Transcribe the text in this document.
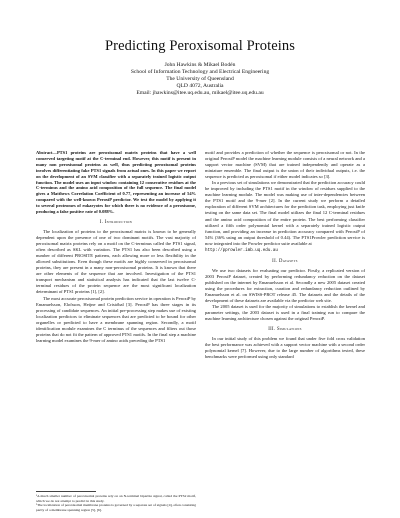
Predicting Peroxisomal Proteins
John Hawkins & Mikael Bodén
School of Information Technology and Electrical Engineering
The University of Queensland
QLD 4072, Australia
Email: jhawkins@itee.uq.edu.au, mikael@itee.uq.edu.au
Abstract—PTS1 proteins are peroxisomal matrix proteins that have a well conserved targeting motif at the C-terminal end. However, this motif is present in many non peroxisomal proteins as well, thus predicting peroxisomal proteins involves differentiating fake PTS1 signals from actual ones. In this paper we report on the development of an SVM classifier with a separately trained logistic output function. The model uses an input window containing 12 consecutive residues at the C-terminus and the amino acid composition of the full sequence. The final model gives a Matthews Correlation Coefficient of 0.77, representing an increase of 54% compared with the well-known PeroxiP predictor. We test the model by applying it to several proteomes of eukaryotes for which there is no evidence of a peroxisome, producing a false positive rate of 0.088%.
I. Introduction

The localization of proteins to the peroxisomal matrix is known to be generally dependent upon the presence of one of two dominant motifs. The vast majority of peroxisomal matrix proteins rely on a motif on the C-terminus called the PTS1 signal, often described as SKL with variation. The PTS1 has also been described using a number of different PROSITE patterns, each allowing more or less flexibility in the allowed substitutions. Even though these motifs are highly conserved in peroxisomal proteins, they are present in a many non-peroxisomal proteins. It is known that there are other elements of the sequence that are involved. Investigation of the PTS1 transport mechanism and statistical analysis has indicated that the last twelve C-terminal residues of the protein sequence are the most significant localization determinant of PTS1 proteins [1], [2].

The most accurate peroxisomal protein prediction service in operation is PeroxiP by Emanuelsson, Elofsson, Heijne and Cristóbal [3]. PeroxiP has three stages in its processing of candidate sequences. An initial pre-processing step makes use of existing localization predictors to eliminate sequences that are predicted to be bound for other organelles or predicted to have a membrane spanning region. Secondly, a motif identification module examines the C terminus of the sequences and filters out those proteins that do not fit the pattern of approved PTS1 motifs. In the final step a machine learning model examines the 9-mer of amino acids preceding the PTS1

motif and provides a prediction of whether the sequence is peroxisomal or not. In the original PeroxiP model the machine learning module consists of a neural network and a support vector machine (SVM) that are trained independently and operate as a miniature ensemble. The final output is the union of their individual outputs, i.e. the sequence is predicted as peroxisomal if either model indicates so [3].

In a previous set of simulations we demonstrated that the prediction accuracy could be improved by including the PTS1 motif in the window of residues supplied to the machine learning module. The model was making use of inter-dependencies between the PTS1 motif and the 9-mer [2]. In the current study we perform a detailed exploration of different SVM architectures for the prediction task, employing just knife testing on the same data set. The final model utilizes the final 12 C-terminal residues and the amino acid composition of the entire protein. The best performing classifier utilized a fifth order polynomial kernel with a separately trained logistic output function, and providing an increase in prediction accuracy compared with PeroxiP of 54% (36% using an output threshold of 0.44). The PTS1Prowler prediction service is now integrated into the Prowler predictor suite available at

http://pprowler.imb.uq.edu.au
II. Datasets

We use two datasets for evaluating our predictor. Firstly, a replicated version of 2003 PeroxiP dataset, created by performing redundancy reduction on the dataset published on the internet by Emanuelsson et al. Secondly a new 2005 dataset created using the procedures for extraction, curation and redundancy reduction outlined by Emanuelsson et al. on SWISS-PROT release 45. The datasets and the details of the development of these datasets are available via the predictor web site.

The 2005 dataset is used for the majority of simulations to establish the kernel and parameter settings, the 2003 dataset is used in a final training run to compare the machine learning architecture chosen against the original PeroxiP.

III. Simulations

In our initial study of this problem we found that under five fold cross validation the best performance was achieved with a support vector machine with a second order polynomial kernel [7]. However, due to the large number of algorithms tested, these benchmarks were performed using only standard

¹A much smaller number of peroxisomal proteins rely on an N-terminal bipartite signal, called the PTS2 motif, which we do not attempt to predict in this study.
²The localization of peroxisomal membrane proteins is governed by a separate set of signals [4], often consisting partly of a membrane spanning region [5], [6].
